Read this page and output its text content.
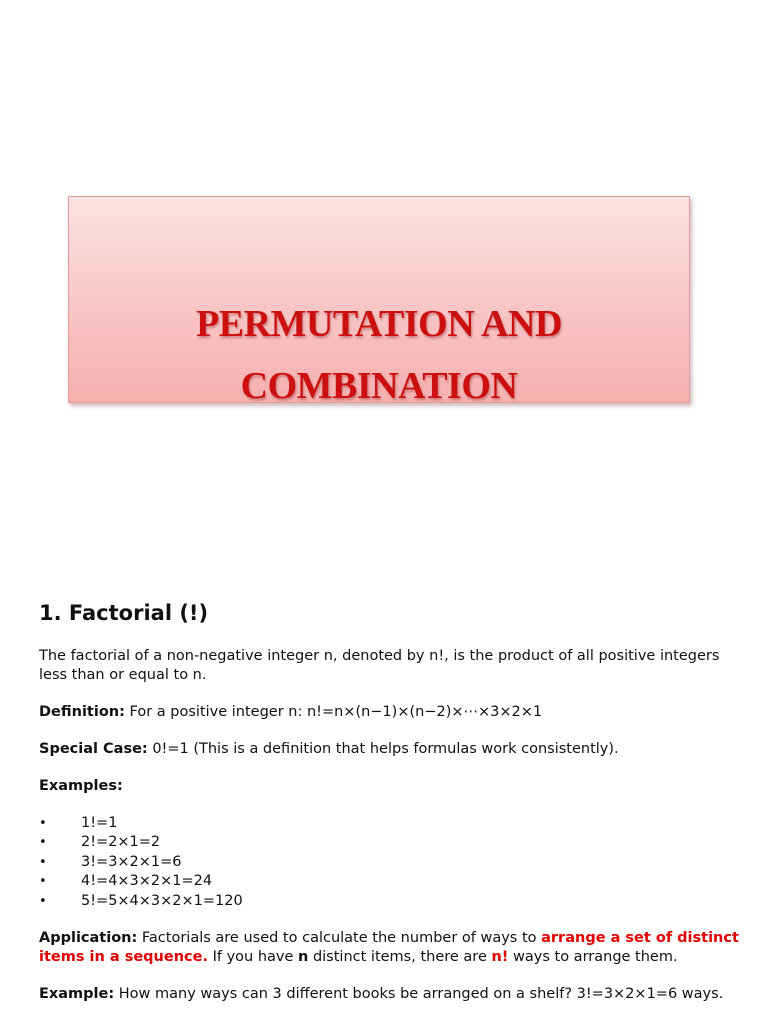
PERMUTATION AND
COMBINATION
1. Factorial (!)

The factorial of a non-negative integer n, denoted by n!, is the product of all positive integers less than or equal to n.

Definition: For a positive integer n: n!=n×(n−1)×(n−2)×⋯×3×2×1

Special Case: 0!=1 (This is a definition that helps formulas work consistently).

Examples:

• 1!=1
• 2!=2×1=2
• 3!=3×2×1=6
• 4!=4×3×2×1=24
• 5!=5×4×3×2×1=120

Application: Factorials are used to calculate the number of ways to arrange a set of distinct items in a sequence. If you have n distinct items, there are n! ways to arrange them.

Example: How many ways can 3 different books be arranged on a shelf? 3!=3×2×1=6 ways.
